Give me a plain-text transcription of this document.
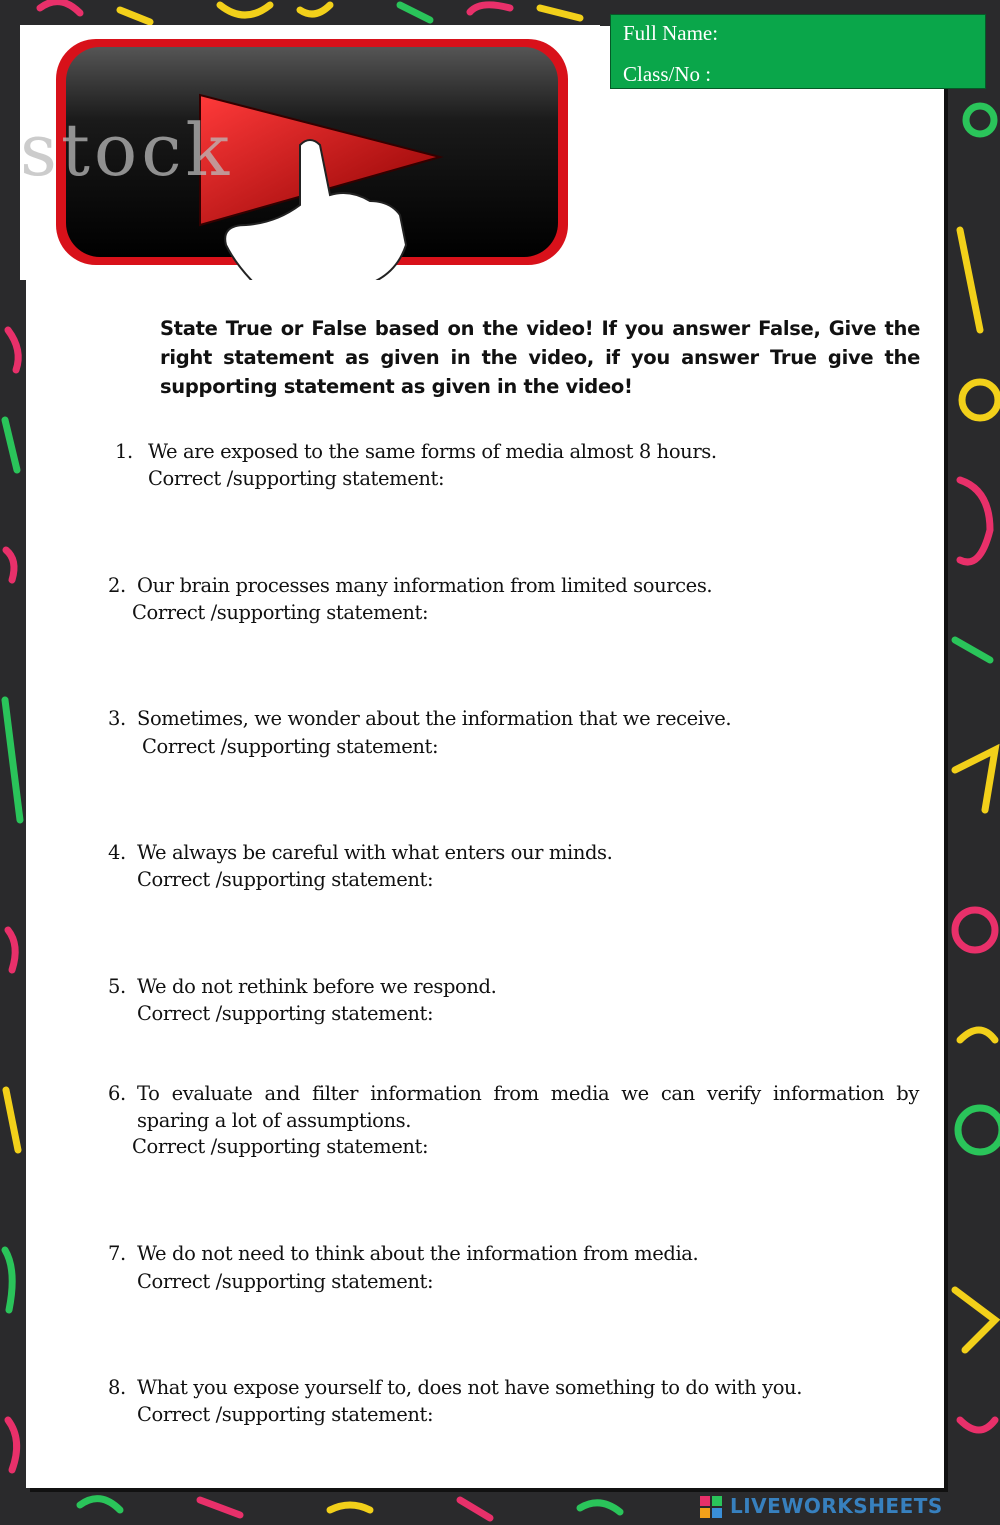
stock
Full Name:
Class/No :
State True or False based on the video! If you answer False, Give the right statement as given in the video, if you answer True give the supporting statement as given in the video!
1. We are exposed to the same forms of media almost 8 hours.
Correct /supporting statement:
2. Our brain processes many information from limited sources.
Correct /supporting statement:
3. Sometimes, we wonder about the information that we receive.
Correct /supporting statement:
4. We always be careful with what enters our minds.
Correct /supporting statement:
5. We do not rethink before we respond.
Correct /supporting statement:
6. To evaluate and filter information from media we can verify information by
sparing a lot of assumptions.
Correct /supporting statement:
7. We do not need to think about the information from media.
Correct /supporting statement:
8. What you expose yourself to, does not have something to do with you.
Correct /supporting statement:
LIVEWORKSHEETS
